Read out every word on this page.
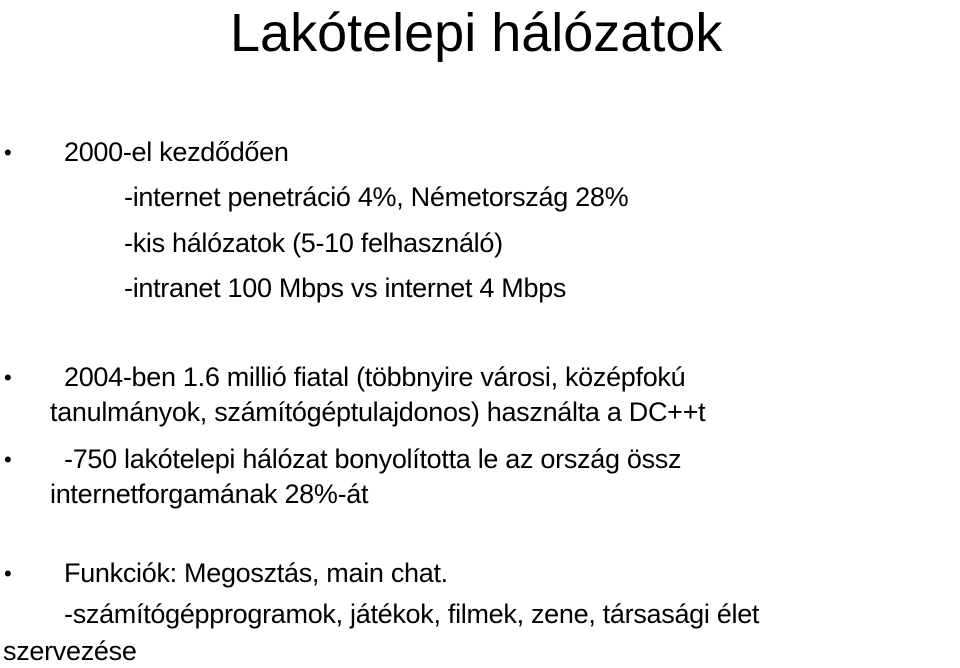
Lakótelepi hálózatok
• 2000-el kezdődően
-internet penetráció 4%, Németország 28%
-kis hálózatok (5-10 felhasználó)
-intranet 100 Mbps vs internet 4 Mbps
• 2004-ben 1.6 millió fiatal (többnyire városi, középfokú
tanulmányok, számítógéptulajdonos) használta a DC++t
• -750 lakótelepi hálózat bonyolította le az ország össz
internetforgamának 28%-át
• Funkciók: Megosztás, main chat.
-számítógépprogramok, játékok, filmek, zene, társasági élet
szervezése
